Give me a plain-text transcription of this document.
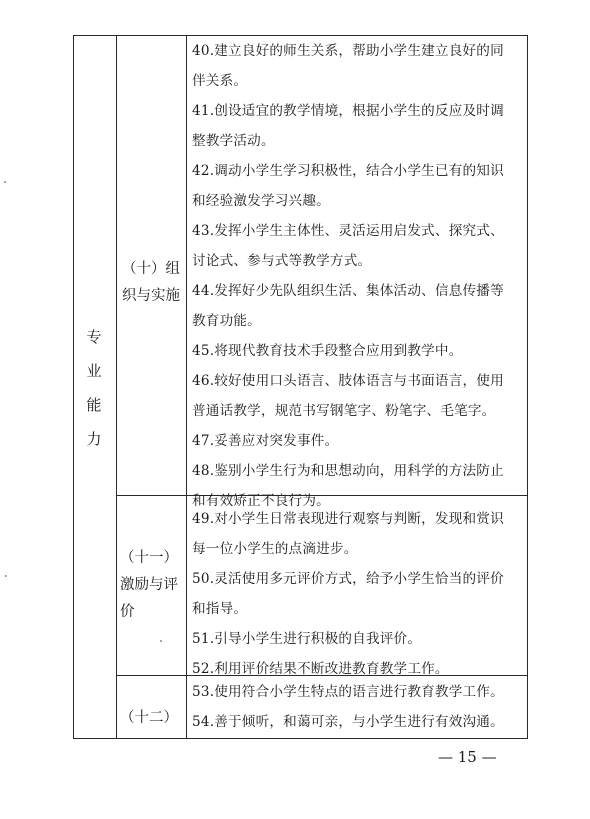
专
业
能
力
（十）组
织与实施
40.建立良好的师生关系，帮助小学生建立良好的同
伴关系。
41.创设适宜的教学情境，根据小学生的反应及时调
整教学活动。
42.调动小学生学习积极性，结合小学生已有的知识
和经验激发学习兴趣。
43.发挥小学生主体性、灵活运用启发式、探究式、
讨论式、参与式等教学方式。
44.发挥好少先队组织生活、集体活动、信息传播等
教育功能。
45.将现代教育技术手段整合应用到教学中。
46.较好使用口头语言、肢体语言与书面语言，使用
普通话教学，规范书写钢笔字、粉笔字、毛笔字。
47.妥善应对突发事件。
48.鉴别小学生行为和思想动向，用科学的方法防止
和有效矫正不良行为。
（十一）
激励与评
价
49.对小学生日常表现进行观察与判断，发现和赏识
每一位小学生的点滴进步。
50.灵活使用多元评价方式，给予小学生恰当的评价
和指导。
51.引导小学生进行积极的自我评价。
52.利用评价结果不断改进教育教学工作。
（十二）
53.使用符合小学生特点的语言进行教育教学工作。
54.善于倾听，和蔼可亲，与小学生进行有效沟通。
— 15 —
